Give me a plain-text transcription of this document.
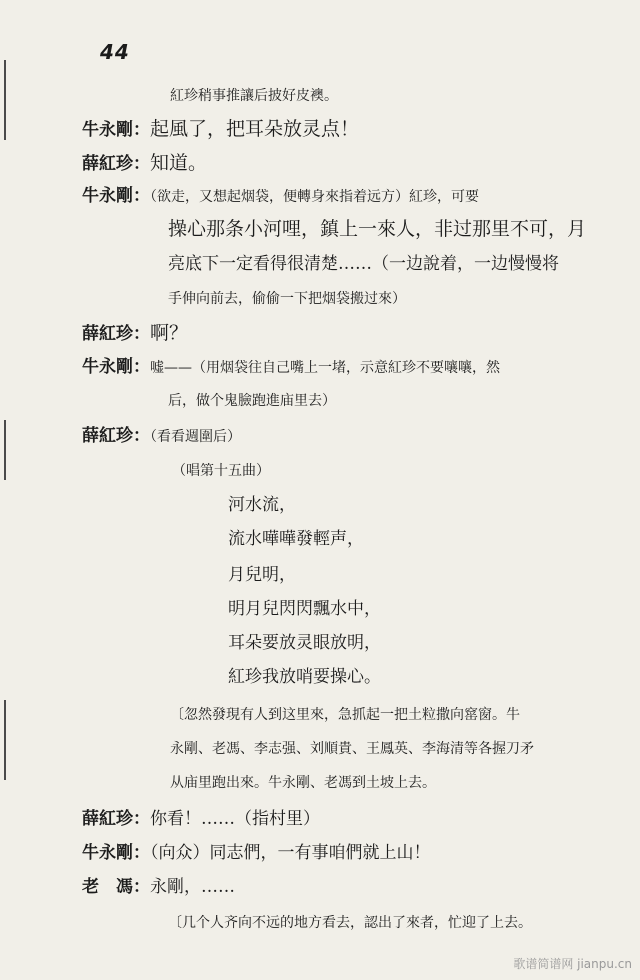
44
紅珍稍事推讓后披好皮襖。
牛永剛：起風了，把耳朵放灵点！
薛紅珍：知道。
牛永剛：（欲走，又想起烟袋，便轉身來指着远方）紅珍，可要
操心那条小河哩，鎮上一來人，非过那里不可，月
亮底下一定看得很清楚……（一边說着，一边慢慢将
手伸向前去，偷偷一下把烟袋搬过來）
薛紅珍：啊？
牛永剛：嘘——（用烟袋往自己嘴上一堵，示意紅珍不要嚷嚷，然
后，做个鬼臉跑進庙里去）
薛紅珍：（看看週圍后）
（唱第十五曲）
河水流，
流水嘩嘩發輕声，
月兒明，
明月兒閃閃飄水中，
耳朵要放灵眼放明，
紅珍我放哨要操心。
〔忽然發現有人到这里來，急抓起一把土粒撒向窰窗。牛
永剛、老馮、李志强、刘順貴、王鳳英、李海清等各握刀矛
从庙里跑出來。牛永剛、老馮到土坡上去。
薛紅珍：你看！……（指村里）
牛永剛：（向众）同志們，一有事咱們就上山！
老　馮：永剛，……
〔几个人齐向不远的地方看去，認出了來者，忙迎了上去。
歌谱简谱网 jianpu.cn
